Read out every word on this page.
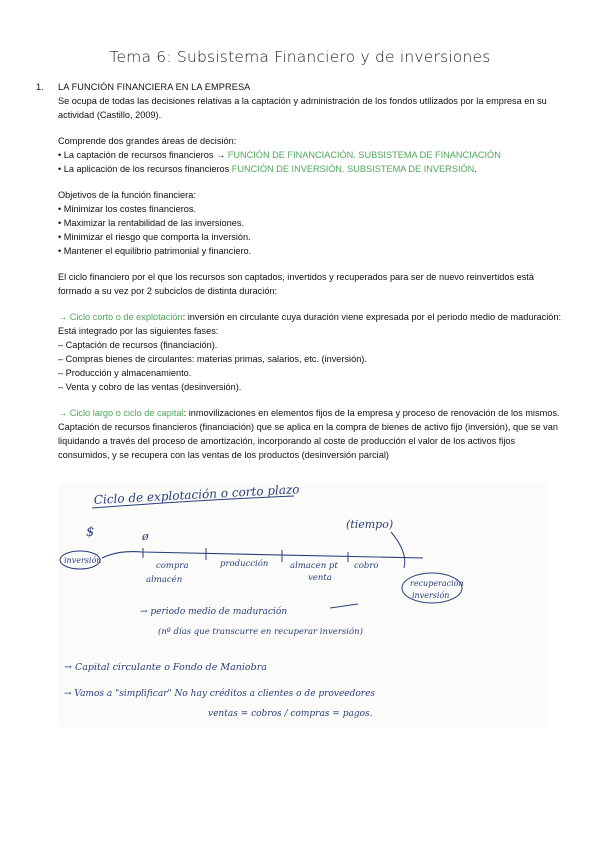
Tema 6: Subsistema Financiero y de inversiones
1.	LA FUNCIÓN FINANCIERA EN LA EMPRESA
Se ocupa de todas las decisiones relativas a la captación y administración de los fondos utilizados por la empresa en su actividad (Castillo, 2009).
Comprende dos grandes áreas de decisión:
• La captación de recursos financieros → FUNCIÓN DE FINANCIACIÓN. SUBSISTEMA DE FINANCIACIÓN
• La aplicación de los recursos financieros FUNCIÓN DE INVERSIÓN. SUBSISTEMA DE INVERSIÓN.
Objetivos de la función financiera:
• Minimizar los costes financieros.
• Maximizar la rentabilidad de las inversiones.
• Minimizar el riesgo que comporta la inversión.
• Mantener el equilibrio patrimonial y financiero.
El ciclo financiero por el que los recursos son captados, invertidos y recuperados para ser de nuevo reinvertidos está formado a su vez por 2 subciclos de distinta duración:
→ Ciclo corto o de explotación: inversión en circulante cuya duración viene expresada por el periodo medio de maduración: Está integrado por las siguientes fases:
– Captación de recursos (financiación).
– Compras bienes de circulantes: materias primas, salarios, etc. (inversión).
– Producción y almacenamiento.
– Venta y cobro de las ventas (desinversión).
→ Ciclo largo o ciclo de capital: inmovilizaciones en elementos fijos de la empresa y proceso de renovación de los mismos.
Captación de recursos financieros (financiación) que se aplica en la compra de bienes de activo fijo (inversión), que se van liquidando a través del proceso de amortización, incorporando al coste de producción el valor de los activos fijos consumidos, y se recupera con las ventas de los productos (desinversión parcial)
Ciclo de explotación o corto plazo
(tiempo)
$	ø
inversión
compra
almacén
producción	almacen pt
venta
cobro
recuperación
inversión
→ periodo medio de maduración
(nº días que transcurre en recuperar inversión)
→ Capital circulante o Fondo de Maniobra
→ Vamos a "simplificar" No hay créditos a clientes o de proveedores
ventas = cobros / compras = pagos.
